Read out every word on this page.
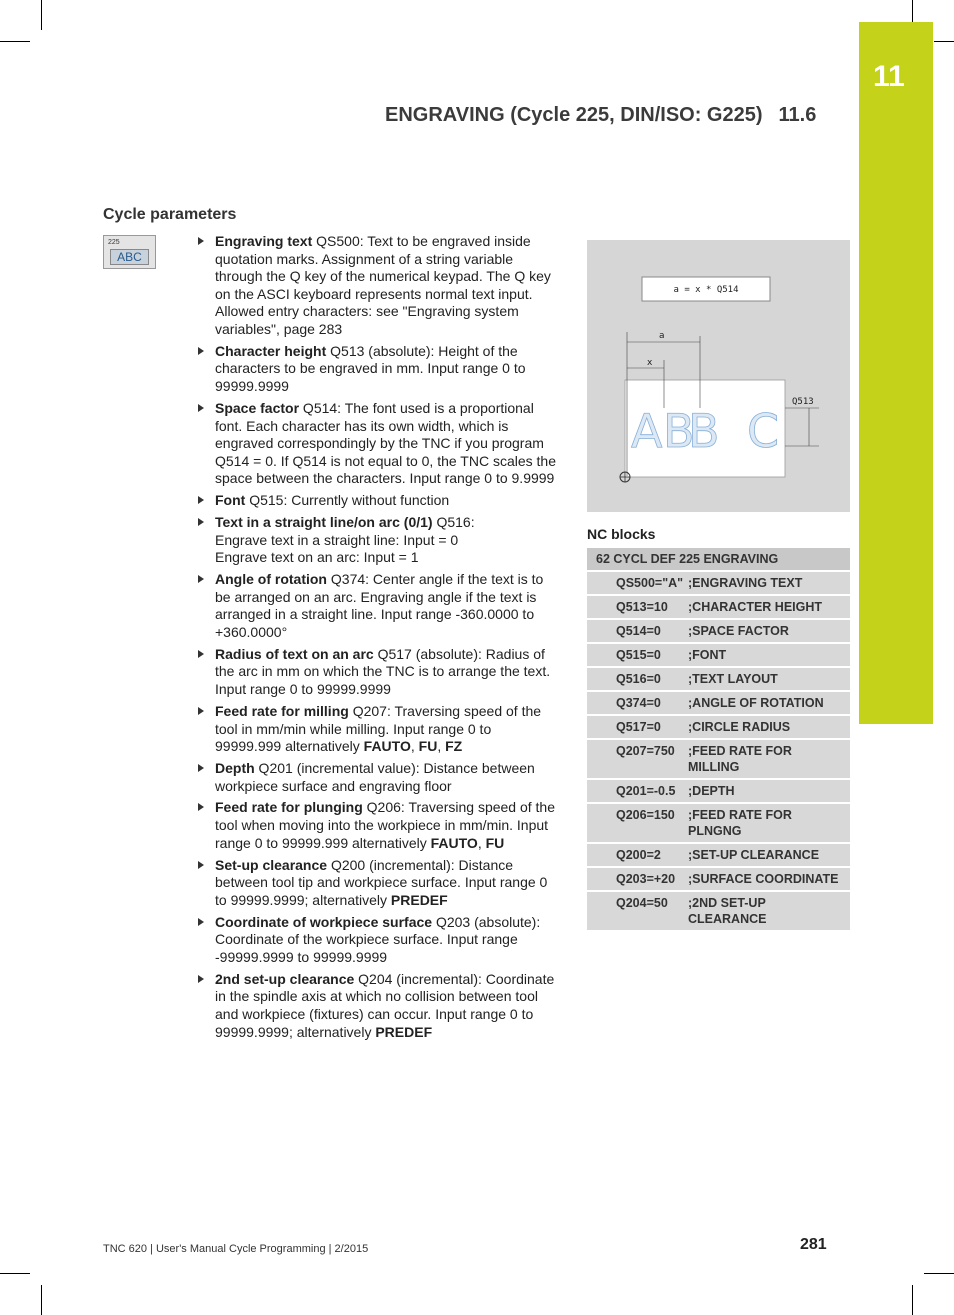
11
ENGRAVING (Cycle 225, DIN/ISO: G225) 11.6
Cycle parameters
225
ABC
Engraving text QS500: Text to be engraved inside quotation marks. Assignment of a string variable through the Q key of the numerical keypad. The Q key on the ASCI keyboard represents normal text input. Allowed entry characters: see "Engraving system variables", page 283
Character height Q513 (absolute): Height of the characters to be engraved in mm. Input range 0 to 99999.9999
Space factor Q514: The font used is a proportional font. Each character has its own width, which is engraved correspondingly by the TNC if you program Q514 = 0. If Q514 is not equal to 0, the TNC scales the space between the characters. Input range 0 to 9.9999
Font Q515: Currently without function
Text in a straight line/on arc (0/1) Q516:
Engrave text in a straight line: Input = 0
Engrave text on an arc: Input = 1
Angle of rotation Q374: Center angle if the text is to be arranged on an arc. Engraving angle if the text is arranged in a straight line. Input range -360.0000 to +360.0000°
Radius of text on an arc Q517 (absolute): Radius of the arc in mm on which the TNC is to arrange the text. Input range 0 to 99999.9999
Feed rate for milling Q207: Traversing speed of the tool in mm/min while milling. Input range 0 to 99999.999 alternatively FAUTO, FU, FZ
Depth Q201 (incremental value): Distance between workpiece surface and engraving floor
Feed rate for plunging Q206: Traversing speed of the tool when moving into the workpiece in mm/min. Input range 0 to 99999.999 alternatively FAUTO, FU
Set-up clearance Q200 (incremental): Distance between tool tip and workpiece surface. Input range 0 to 99999.9999; alternatively PREDEF
Coordinate of workpiece surface Q203 (absolute): Coordinate of the workpiece surface. Input range -99999.9999 to 99999.9999
2nd set-up clearance Q204 (incremental): Coordinate in the spindle axis at which no collision between tool and workpiece (fixtures) can occur. Input range 0 to 99999.9999; alternatively PREDEF
a = x * Q514
A B
B C
a
x
Q513
NC blocks
62 CYCL DEF 225 ENGRAVING	
QS500="A"	;ENGRAVING TEXT
Q513=10	;CHARACTER HEIGHT
Q514=0	;SPACE FACTOR
Q515=0	;FONT
Q516=0	;TEXT LAYOUT
Q374=0	;ANGLE OF ROTATION
Q517=0	;CIRCLE RADIUS
Q207=750	;FEED RATE FOR MILLING
Q201=-0.5	;DEPTH
Q206=150	;FEED RATE FOR PLNGNG
Q200=2	;SET-UP CLEARANCE
Q203=+20	;SURFACE COORDINATE
Q204=50	;2ND SET-UP CLEARANCE
TNC 620 | User's Manual Cycle Programming | 2/2015	281
